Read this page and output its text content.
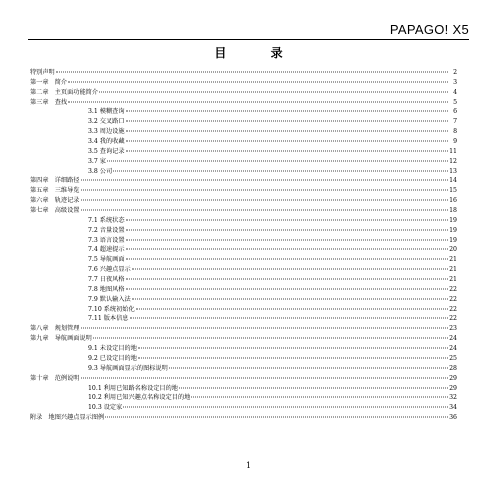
PAPAGO! X5
目 录
特别声明	2
第一章　简介	3
第二章　主页面功能简介	4
第三章　查找	5
3.1 模糊查询	6
3.2 交叉路口	7
3.3 周边设施	8
3.4 我的收藏	9
3.5 查询记录	11
3.7 家	12
3.8 公司	13
第四章　详细路径	14
第五章　三维导览	15
第六章　轨迹记录	16
第七章　高级设置	18
7.1 系统状态	19
7.2 音量设置	19
7.3 语言设置	19
7.4 超速提示	20
7.5 导航画面	21
7.6 兴趣点显示	21
7.7 日夜风格	21
7.8 地图风格	22
7.9 默认输入法	22
7.10 系统初始化	22
7.11 版本信息	22
第八章　规划管理	23
第九章　导航画面说明	24
9.1 未设定目的地	24
9.2 已设定目的地	25
9.3 导航画面显示的图标说明	28
第十章　范例说明	29
10.1 利用已知路名称设定目的地	29
10.2 利用已知兴趣点名称设定目的地	32
10.3 设定家	34
附录　地图兴趣点显示图例	36
1
